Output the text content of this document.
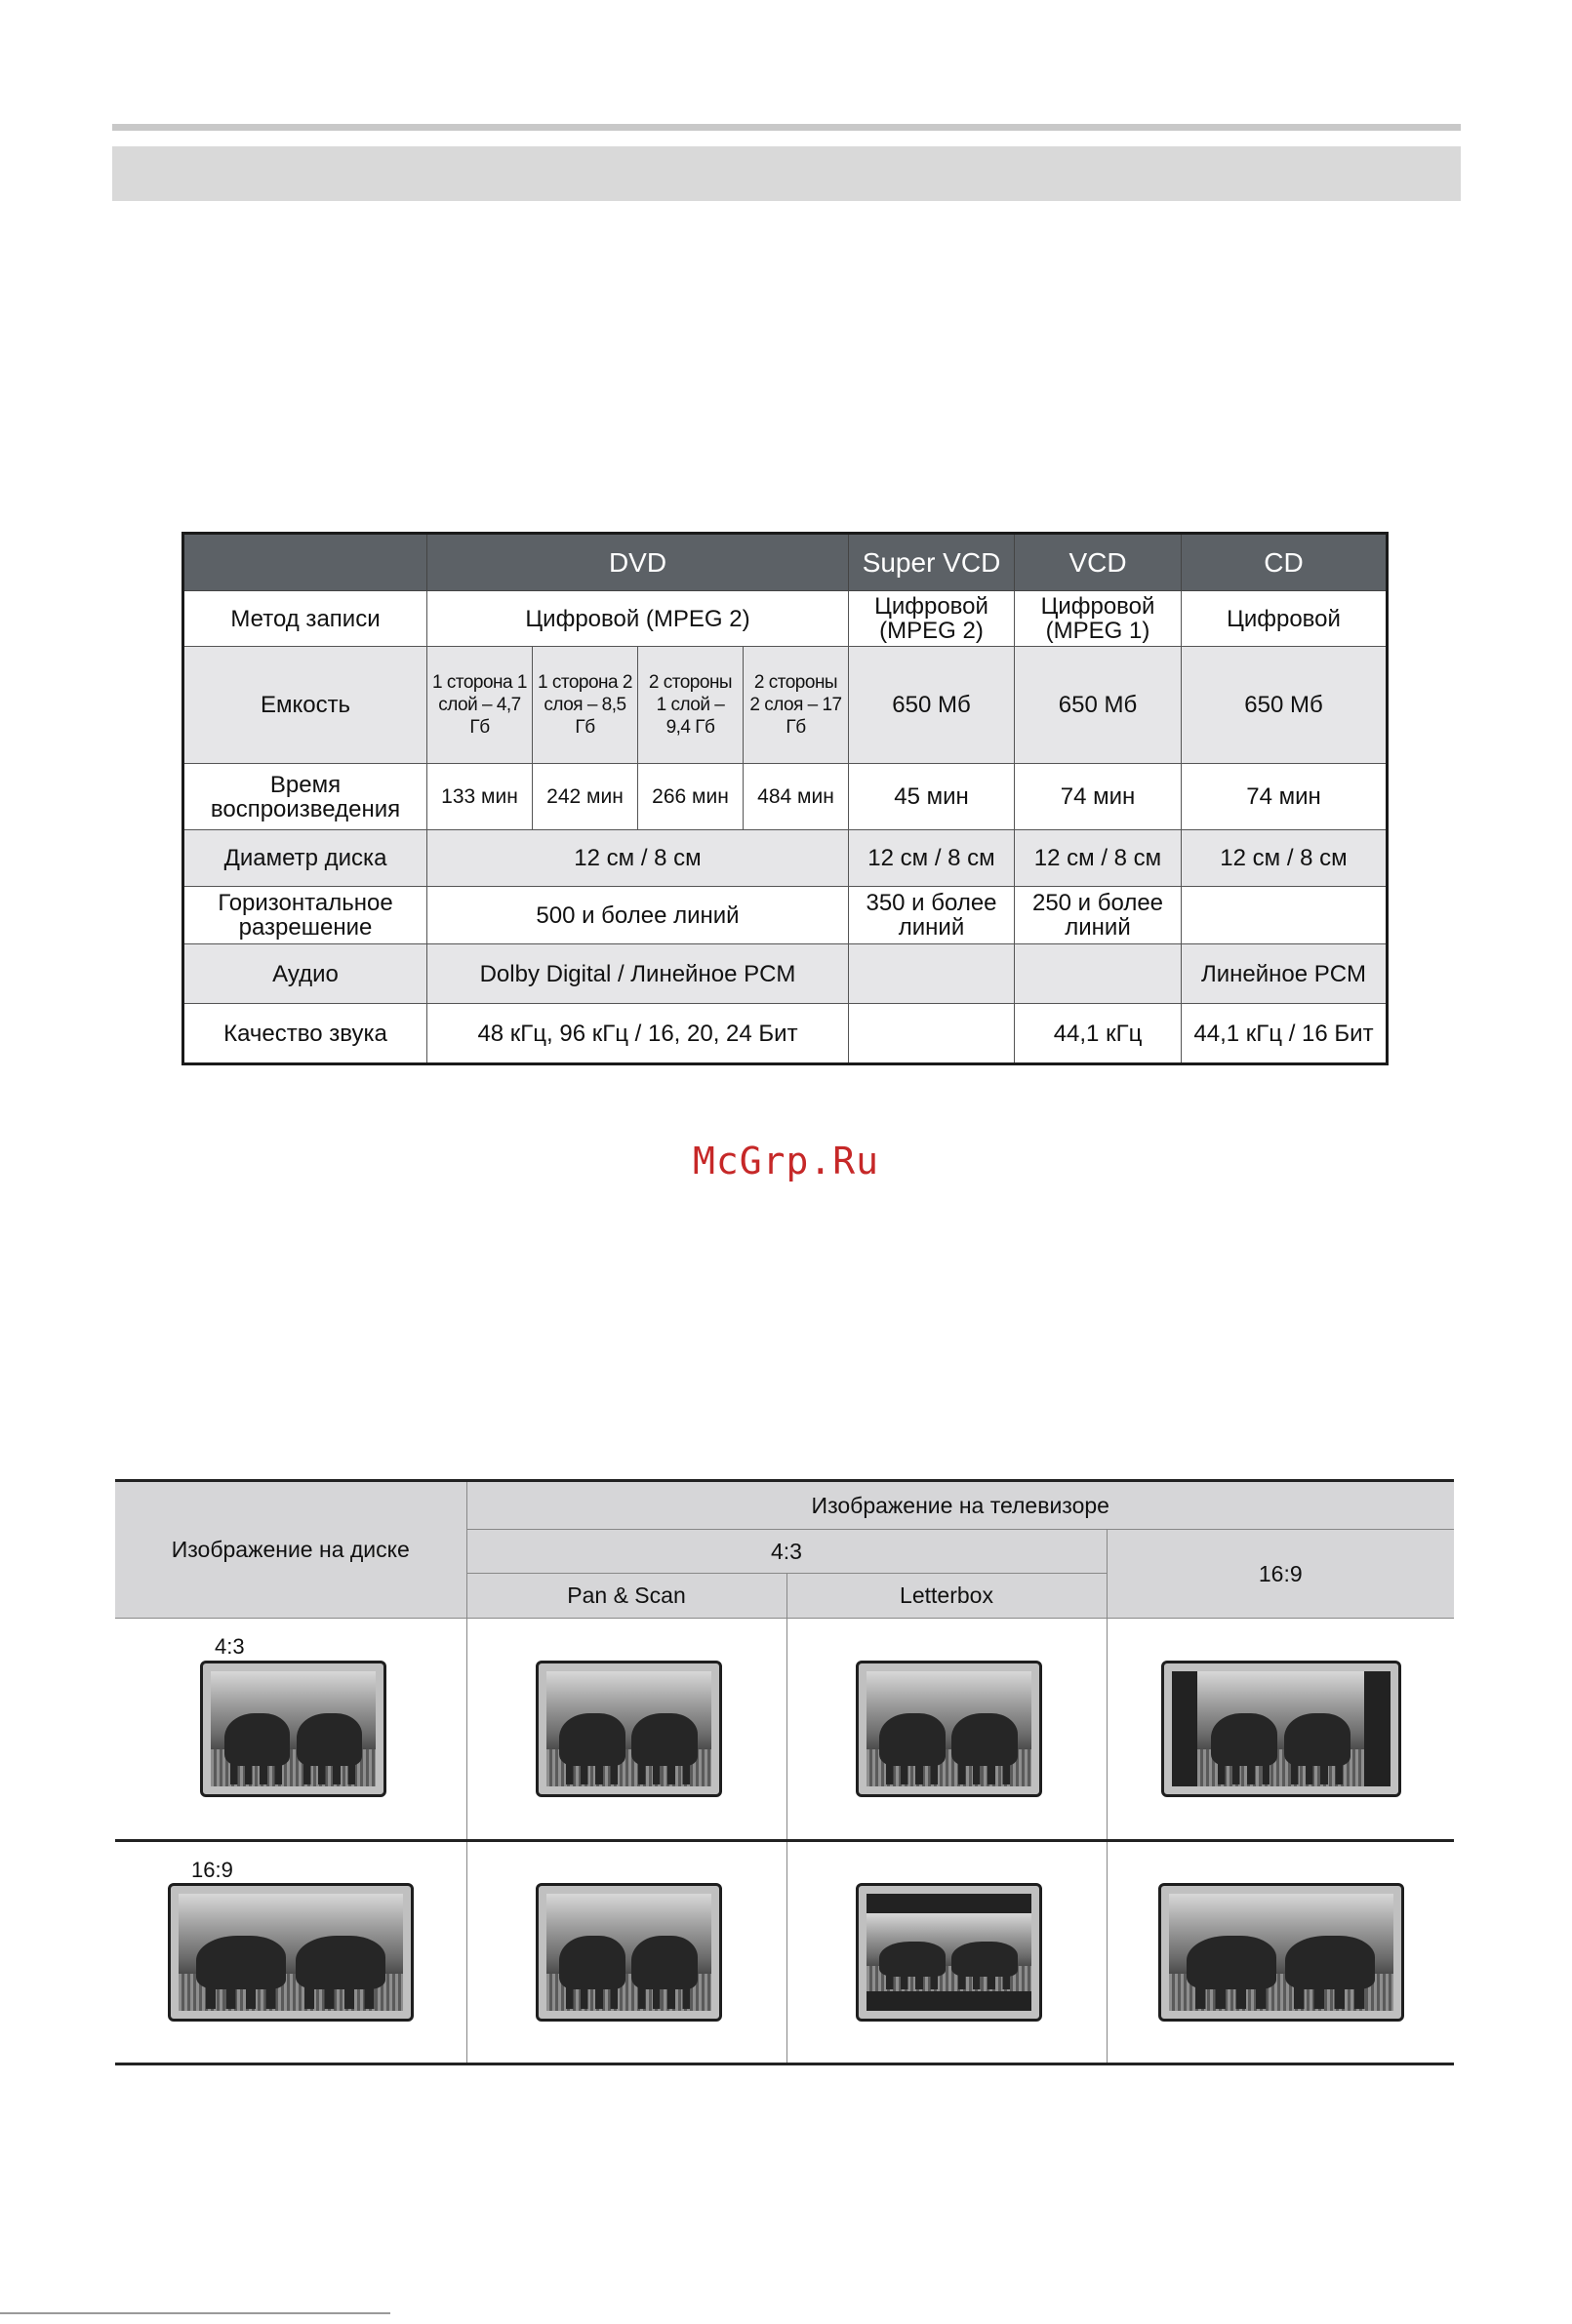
	DVD				Super VCD	VCD	CD
Метод записи	Цифровой (MPEG 2)				Цифровой (MPEG 2)	Цифровой (MPEG 1)	Цифровой
Емкость	1 сторона 1 слой – 4,7 Гб	1 сторона 2 слоя – 8,5 Гб	2 стороны 1 слой – 9,4 Гб	2 стороны 2 слоя – 17 Гб	650 Мб	650 Мб	650 Мб
Время воспроизведения	133 мин	242 мин	266 мин	484 мин	45 мин	74 мин	74 мин
Диаметр диска	12 см / 8 см				12 см / 8 см	12 см / 8 см	12 см / 8 см
Горизонтальное разрешение	500 и более линий				350 и более линий	250 и более линий	
Аудио	Dolby Digital / Линейное PCM						Линейное PCM
Качество звука	48 кГц, 96 кГц / 16, 20, 24 Бит					44,1 кГц	44,1 кГц / 16 Бит
McGrp.Ru
Изображение на диске	Изображение на телевизоре		
	4:3		16:9
	Pan & Scan	Letterbox	

4:3			

16:9			
